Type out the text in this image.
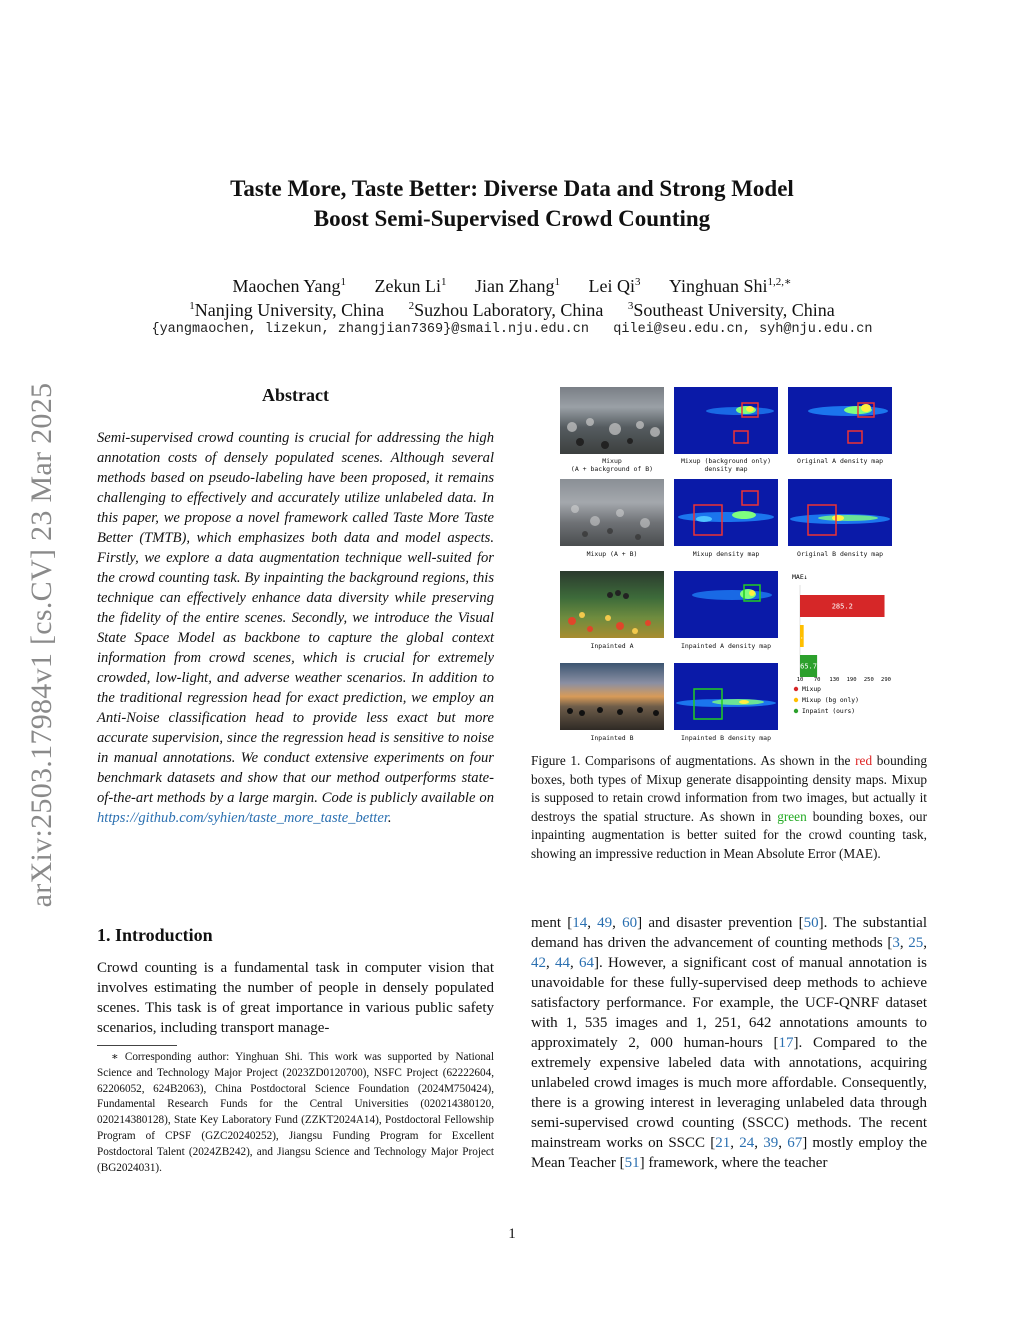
arXiv:2503.17984v1 [cs.CV] 23 Mar 2025
Taste More, Taste Better: Diverse Data and Strong Model
Boost Semi-Supervised Crowd Counting
Maochen Yang$^1$ Zekun Li$^1$ Jian Zhang$^1$ Lei Qi$^3$ Yinghuan Shi$^{1,2,∗}$
$^1$Nanjing University, China $^2$Suzhou Laboratory, China $^3$Southeast University, China
{yangmaochen, lizekun, zhangjian7369}@smail.nju.edu.cn   qilei@seu.edu.cn, syh@nju.edu.cn
Abstract
Semi-supervised crowd counting is crucial for addressing the high annotation costs of densely populated scenes. Although several methods based on pseudo-labeling have been proposed, it remains challenging to effectively and accurately utilize unlabeled data. In this paper, we propose a novel framework called Taste More Taste Better (TMTB), which emphasizes both data and model aspects. Firstly, we explore a data augmentation technique well-suited for the crowd counting task. By inpainting the background regions, this technique can effectively enhance data diversity while preserving the fidelity of the entire scenes. Secondly, we introduce the Visual State Space Model as backbone to capture the global context information from crowd scenes, which is crucial for extremely crowded, low-light, and adverse weather scenarios. In addition to the traditional regression head for exact prediction, we employ an Anti-Noise classification head to provide less exact but more accurate supervision, since the regression head is sensitive to noise in manual annotations. We conduct extensive experiments on four benchmark datasets and show that our method outperforms state-of-the-art methods by a large margin. Code is publicly available on https://github.com/syhien/taste_more_taste_better.
1. Introduction
Crowd counting is a fundamental task in computer vision that involves estimating the number of people in densely populated scenes. This task is of great importance in various public safety scenarios, including transport manage-
∗ Corresponding author: Yinghuan Shi. This work was supported by National Science and Technology Major Project (2023ZD0120700), NSFC Project (62222604, 62206052, 624B2063), China Postdoctoral Science Foundation (2024M750424), Fundamental Research Funds for the Central Universities (020214380120, 020214380128), State Key Laboratory Fund (ZZKT2024A14), Postdoctoral Fellowship Program of CPSF (GZC20240252), Jiangsu Funding Program for Excellent Postdoctoral Talent (2024ZB242), and Jiangsu Science and Technology Major Project (BG2024031).
Mixup
(A + background of B)
Mixup (background only)
density map
Original A density map
Mixup (A + B)	Mixup density map	Original B density map
Inpainted A	Inpainted A density map
MAE↓
285.2
22.0
65.7
10 70 130 190 250 290
Mixup
Mixup (bg only)
Inpaint (ours)
Inpainted B	Inpainted B density map
Figure 1. Comparisons of augmentations. As shown in the red bounding boxes, both types of Mixup generate disappointing density maps. Mixup is supposed to retain crowd information from two images, but actually it destroys the spatial structure. As shown in green bounding boxes, our inpainting augmentation is better suited for the crowd counting task, showing an impressive reduction in Mean Absolute Error (MAE).
ment [14, 49, 60] and disaster prevention [50]. The substantial demand has driven the advancement of counting methods [3, 25, 42, 44, 64]. However, a significant cost of manual annotation is unavoidable for these fully-supervised deep methods to achieve satisfactory performance. For example, the UCF-QNRF dataset with 1, 535 images and 1, 251, 642 annotations amounts to approximately 2, 000 human-hours [17]. Compared to the extremely expensive labeled data with annotations, acquiring unlabeled crowd images is much more affordable. Consequently, there is a growing interest in leveraging unlabeled data through semi-supervised crowd counting (SSCC) methods. The recent mainstream works on SSCC [21, 24, 39, 67] mostly employ the Mean Teacher [51] framework, where the teacher
1
